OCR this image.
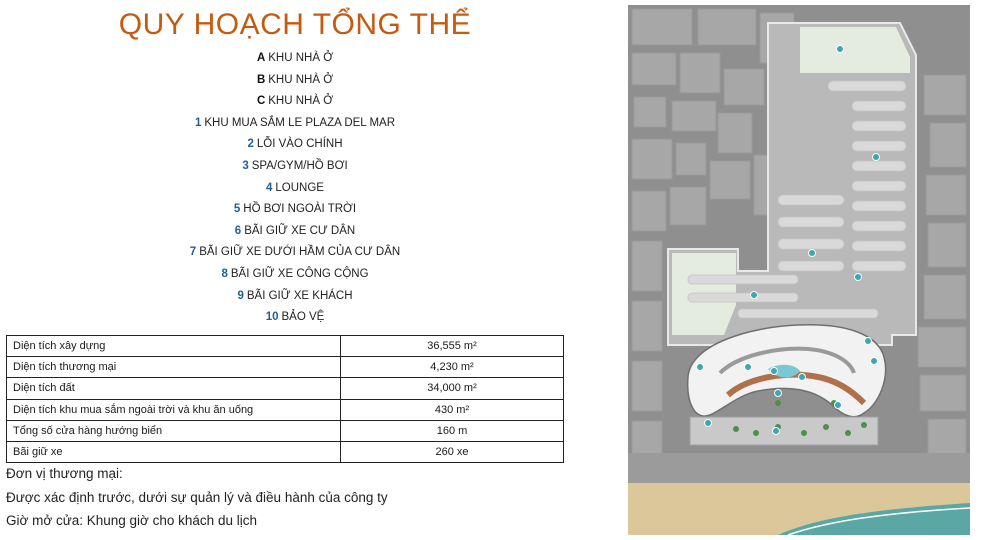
QUY HOẠCH TỔNG THỂ
A KHU NHÀ Ở
B KHU NHÀ Ở
C KHU NHÀ Ở
1 KHU MUA SẮM LE PLAZA DEL MAR
2 LỖI VÀO CHÍNH
3 SPA/GYM/HỒ BƠI
4 LOUNGE
5 HỒ BƠI NGOÀI TRỜI
6 BÃI GIỮ XE CƯ DÂN
7 BÃI GIỮ XE DƯỚI HẦM CỦA CƯ DÂN
8 BÃI GIỮ XE CÔNG CỘNG
9 BÃI GIỮ XE KHÁCH
10 BẢO VỆ
Diện tích xây dựng	36,555 m²
Diện tích thương mại	4,230 m²
Diện tích đất	34,000 m²
Diện tích khu mua sắm ngoài trời và khu ăn uống	430 m²
Tổng số cửa hàng hướng biển	160 m
Bãi giữ xe	260 xe
Đơn vị thương mại:
Được xác định trước, dưới sự quản lý và điều hành của công ty
Giờ mở cửa: Khung giờ cho khách du lịch
